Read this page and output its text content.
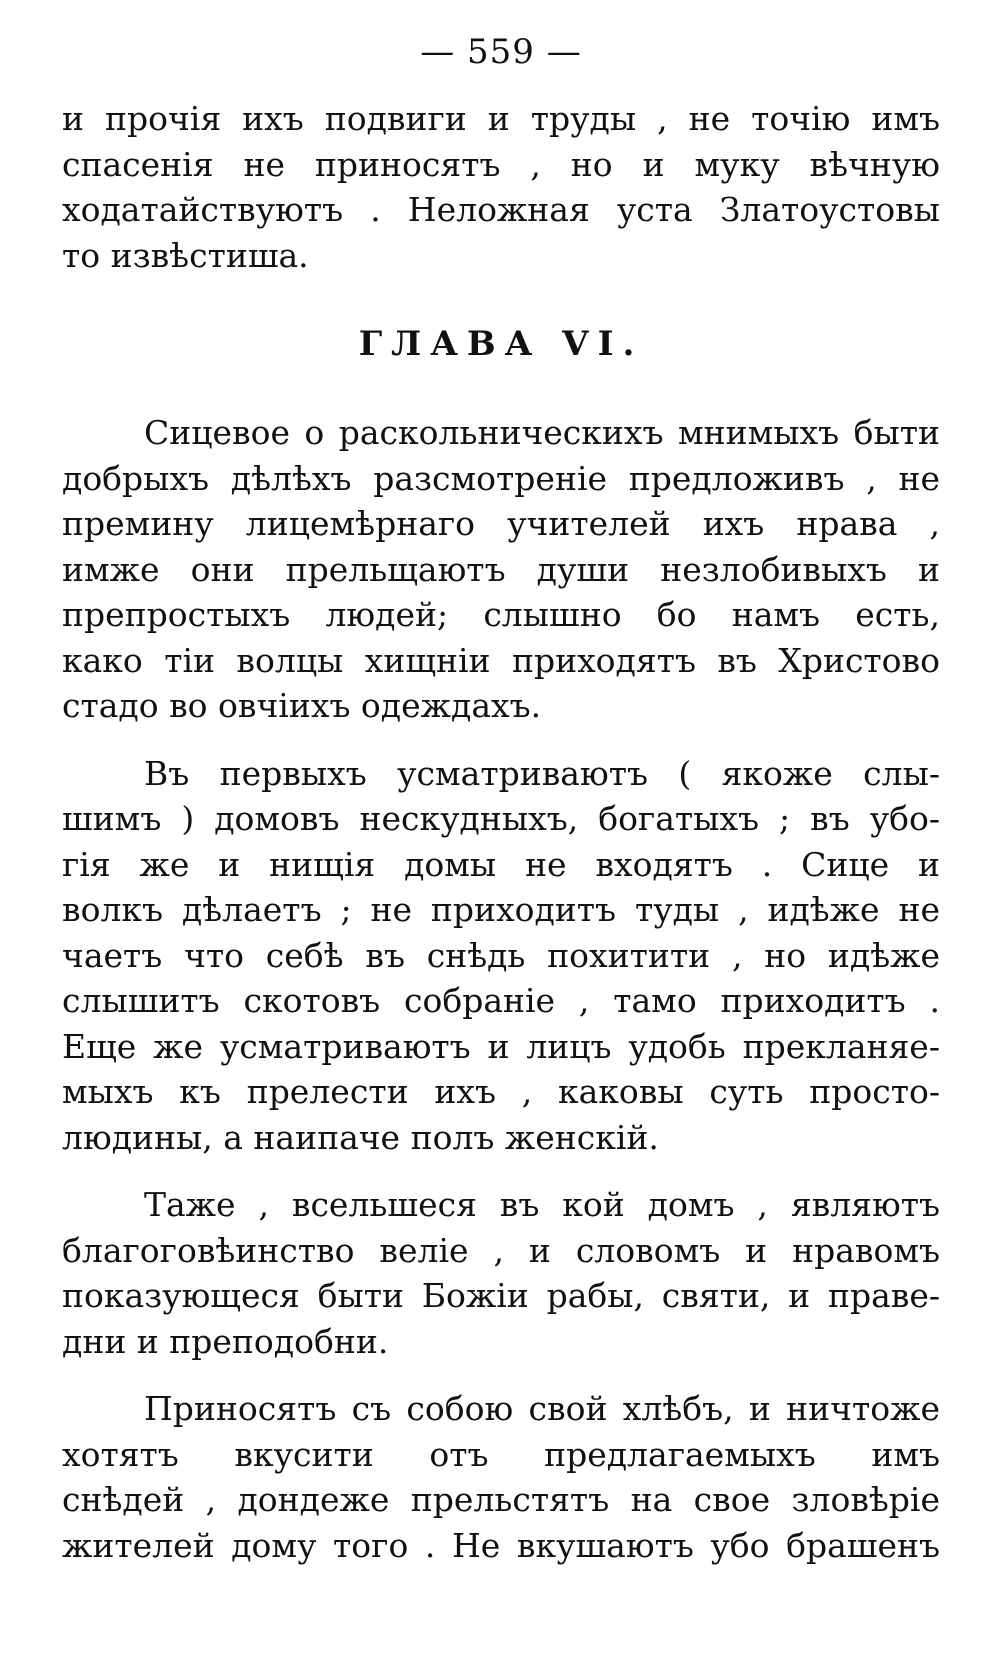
— 559 —
и прочія ихъ подвиги и труды , не точію имъ
спасенія не приносятъ , но и муку вѣчную
ходатайствуютъ . Неложная уста Златоустовы
то извѣстиша.
ГЛАВА VI.
Сицевое о раскольническихъ мнимыхъ быти
добрыхъ дѣлѣхъ разсмотреніе предложивъ , не
премину лицемѣрнаго учителей ихъ нрава ,
имже они прельщаютъ души незлобивыхъ и
препростыхъ людей; слышно бо намъ есть,
како тіи волцы хищніи приходятъ въ Христово
стадо во овчіихъ одеждахъ.
Въ первыхъ усматриваютъ ( якоже слы-
шимъ ) домовъ нескудныхъ, богатыхъ ; въ убо-
гія же и нищія домы не входятъ . Сице и
волкъ дѣлаетъ ; не приходитъ туды , идѣже не
чаетъ что себѣ въ снѣдь похитити , но идѣже
слышитъ скотовъ собраніе , тамо приходитъ .
Еще же усматриваютъ и лицъ удобь прекланяе-
мыхъ къ прелести ихъ , каковы суть просто-
людины, а наипаче полъ женскій.
Таже , всельшеся въ кой домъ , являютъ
благоговѣинство веліе , и словомъ и нравомъ
показующеся быти Божіи рабы, святи, и праве-
дни и преподобни.
Приносятъ съ собою свой хлѣбъ, и ничтоже
хотятъ вкусити отъ предлагаемыхъ имъ
снѣдей , дондеже прельстятъ на свое зловѣріе
жителей дому того . Не вкушаютъ убо брашенъ
